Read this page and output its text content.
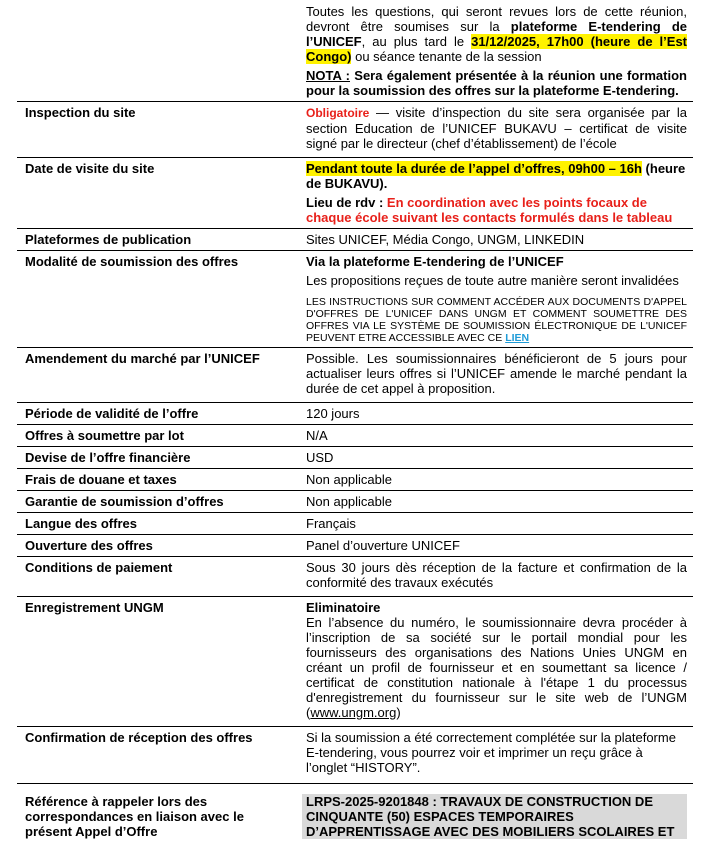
	Toutes les questions, qui seront revues lors de cette réunion, devront être soumises sur la plateforme E-tendering de l’UNICEF, au plus tard le 31/12/2025, 17h00 (heure de l’Est Congo) ou séance tenante de la session
NOTA : Sera également présentée à la réunion une formation pour la soumission des offres sur la plateforme E-tendering.

Inspection du site	Obligatoire — visite d’inspection du site sera organisée par la section Education de l’UNICEF BUKAVU – certificat de visite signé par le directeur (chef d’établissement) de l’école
Date de visite du site	Pendant toute la durée de l’appel d’offres, 09h00 – 16h (heure de BUKAVU).
Lieu de rdv : En coordination avec les points focaux de chaque école suivant les contacts formulés dans le tableau

Plateformes de publication	Sites UNICEF, Média Congo, UNGM, LINKEDIN
Modalité de soumission des offres	Via la plateforme E-tendering de l’UNICEF
Les propositions reçues de toute autre manière seront invalidées
LES INSTRUCTIONS SUR COMMENT ACCÉDER AUX DOCUMENTS D'APPEL D'OFFRES DE L'UNICEF DANS UNGM ET COMMENT SOUMETTRE DES OFFRES VIA LE SYSTÈME DE SOUMISSION ÉLECTRONIQUE DE L'UNICEF PEUVENT ETRE ACCESSIBLE AVEC CE LIEN

Amendement du marché par l’UNICEF	Possible. Les soumissionnaires bénéficieront de 5 jours pour actualiser leurs offres si l’UNICEF amende le marché pendant la durée de cet appel à proposition.
Période de validité de l’offre	120 jours
Offres à soumettre par lot	N/A
Devise de l’offre financière	USD
Frais de douane et taxes	Non applicable
Garantie de soumission d’offres	Non applicable
Langue des offres	Français
Ouverture des offres	Panel d’ouverture UNICEF
Conditions de paiement	Sous 30 jours dès réception de la facture et confirmation de la conformité des travaux exécutés
Enregistrement UNGM	Eliminatoire
En l’absence du numéro, le soumissionnaire devra procéder à l’inscription de sa société sur le portail mondial pour les fournisseurs des organisations des Nations Unies UNGM en créant un profil de fournisseur et en soumettant sa licence / certificat de constitution nationale à l'étape 1 du processus d'enregistrement du fournisseur sur le site web de l’UNGM (www.ungm.org)

Confirmation de réception des offres	Si la soumission a été correctement complétée sur la plateforme E-tendering, vous pourrez voir et imprimer un reçu grâce à l’onglet “HISTORY”.
Référence à rappeler lors des correspondances en liaison avec le présent Appel d’Offre	LRPS-2025-9201848 : TRAVAUX DE CONSTRUCTION DE CINQUANTE (50) ESPACES TEMPORAIRES D’APPRENTISSAGE AVEC DES MOBILIERS SCOLAIRES ET
